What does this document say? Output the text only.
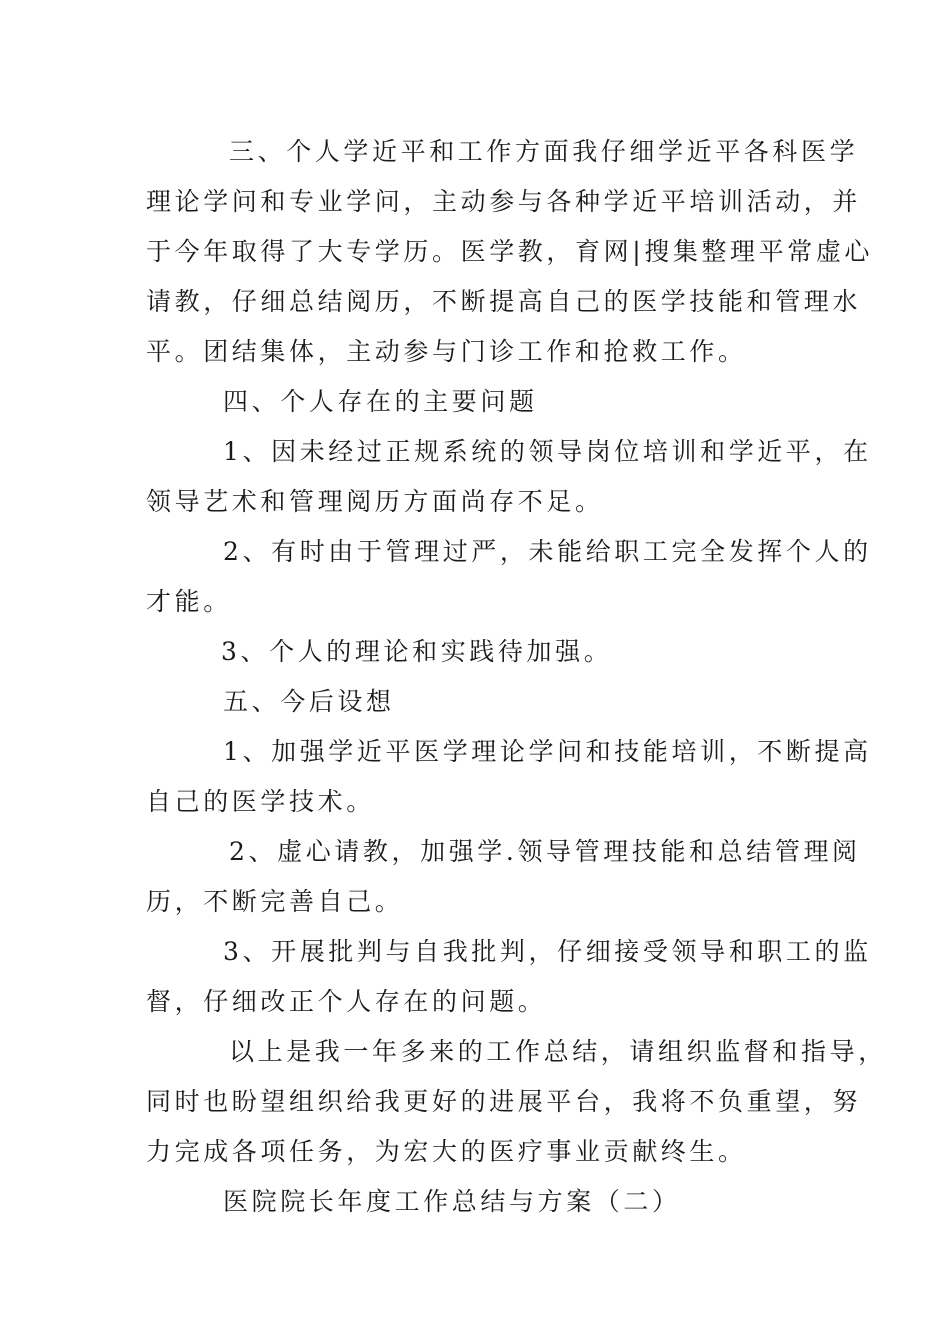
三、个人学近平和工作方面我仔细学近平各科医学
理论学问和专业学问，主动参与各种学近平培训活动，并
于今年取得了大专学历。医学教，育网|搜集整理平常虚心
请教，仔细总结阅历，不断提高自己的医学技能和管理水
平。团结集体，主动参与门诊工作和抢救工作。
四、个人存在的主要问题
1、因未经过正规系统的领导岗位培训和学近平，在
领导艺术和管理阅历方面尚存不足。
2、有时由于管理过严，未能给职工完全发挥个人的
才能。
3、个人的理论和实践待加强。
五、今后设想
1、加强学近平医学理论学问和技能培训，不断提高
自己的医学技术。
2、虚心请教，加强学.领导管理技能和总结管理阅
历，不断完善自己。
3、开展批判与自我批判，仔细接受领导和职工的监
督，仔细改正个人存在的问题。
以上是我一年多来的工作总结，请组织监督和指导，
同时也盼望组织给我更好的进展平台，我将不负重望，努
力完成各项任务，为宏大的医疗事业贡献终生。
医院院长年度工作总结与方案（二）
